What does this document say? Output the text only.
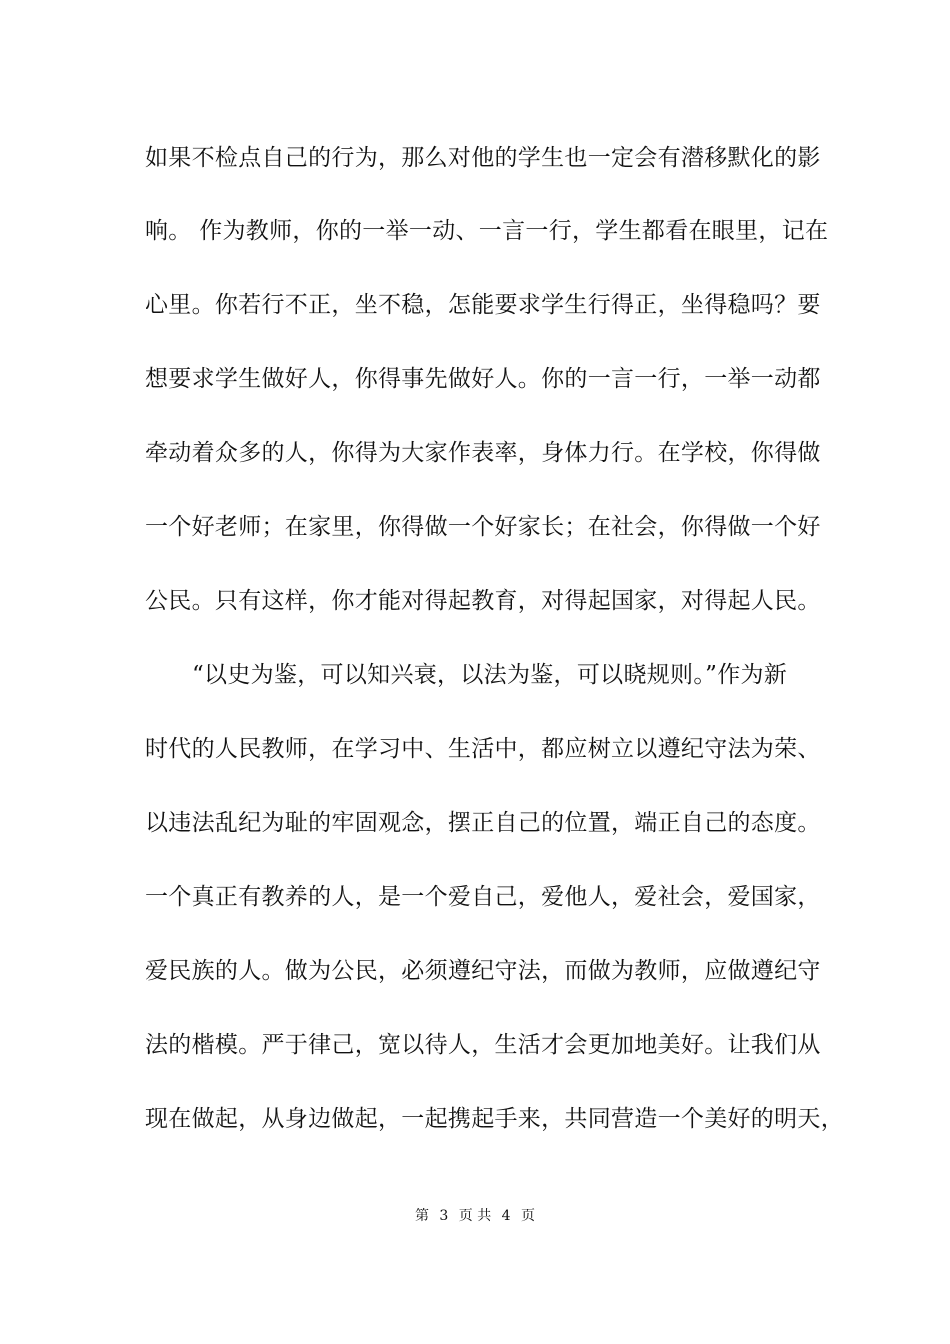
如果不检点自己的行为，那么对他的学生也一定会有潜移默化的影
响。 作为教师，你的一举一动、一言一行，学生都看在眼里，记在
心里。你若行不正，坐不稳，怎能要求学生行得正，坐得稳吗？要
想要求学生做好人，你得事先做好人。你的一言一行，一举一动都
牵动着众多的人，你得为大家作表率，身体力行。在学校，你得做
一个好老师；在家里，你得做一个好家长；在社会，你得做一个好
公民。只有这样，你才能对得起教育，对得起国家，对得起人民。
“以史为鉴，可以知兴衰，以法为鉴，可以晓规则。”作为新
时代的人民教师，在学习中、生活中，都应树立以遵纪守法为荣、
以违法乱纪为耻的牢固观念，摆正自己的位置，端正自己的态度。
一个真正有教养的人，是一个爱自己，爱他人，爱社会，爱国家，
爱民族的人。做为公民，必须遵纪守法，而做为教师，应做遵纪守
法的楷模。严于律己，宽以待人，生活才会更加地美好。让我们从
现在做起，从身边做起，一起携起手来，共同营造一个美好的明天，
第 3 页 共 4 页
